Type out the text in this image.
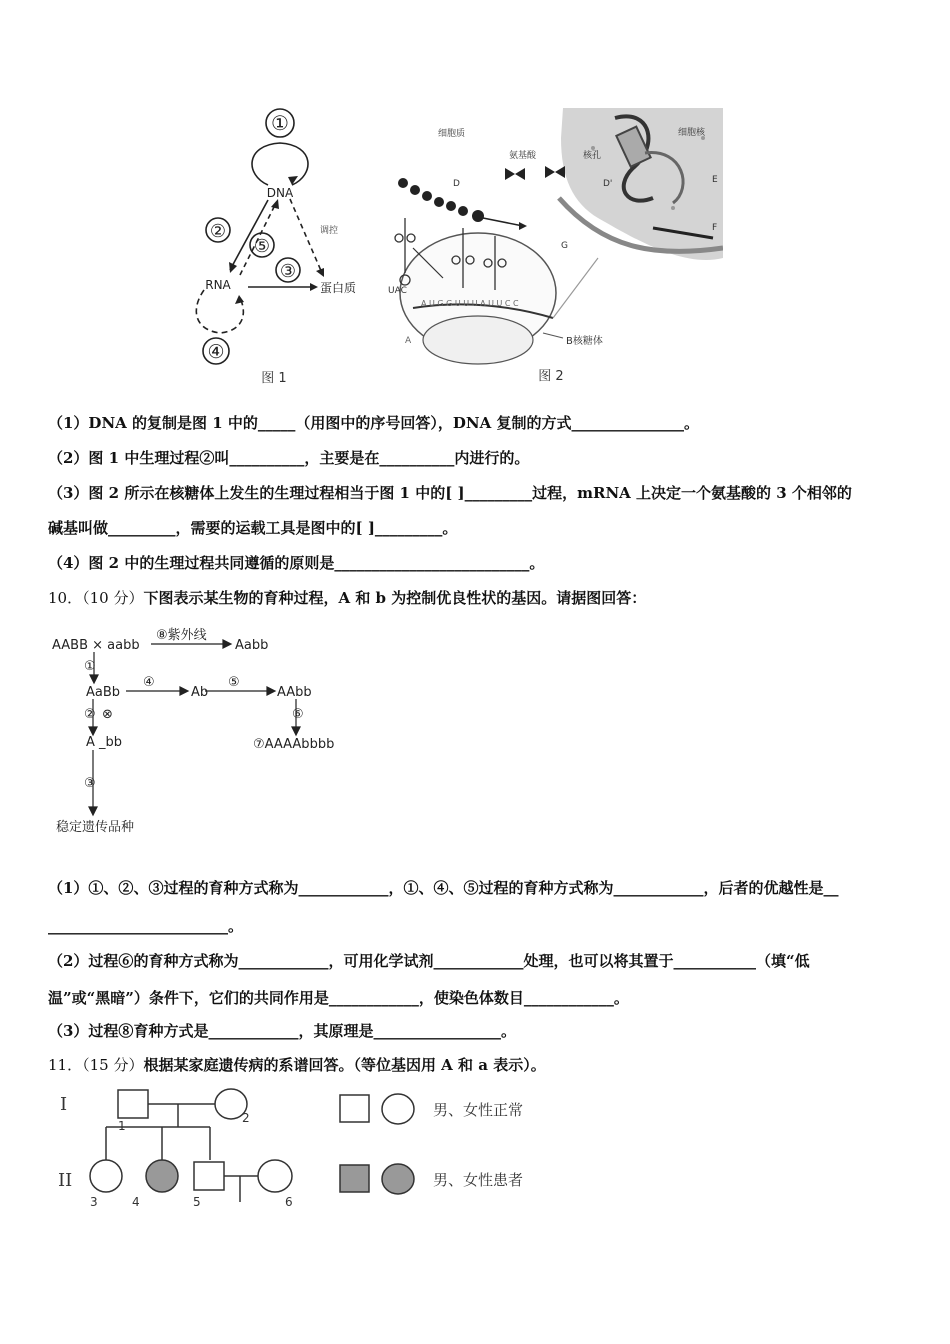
①
DNA
②
⑤
③
调控
RNA	蛋白质
④
图 1
细胞质
氨基酸
细胞核
核孔
D	D'	E
F
G
UAC
A U G G U U U A U U C C
A	B核糖体
图 2
（1）DNA 的复制是图 1 中的_____（用图中的序号回答），DNA 复制的方式_______________。
（2）图 1 中生理过程②叫__________，主要是在__________内进行的。
（3）图 2 所示在核糖体上发生的生理过程相当于图 1 中的[ ]_________过程，mRNA 上决定一个氨基酸的 3 个相邻的
碱基叫做_________，需要的运载工具是图中的[ ]_________。
（4）图 2 中的生理过程共同遵循的原则是__________________________。
10．（10 分）下图表示某生物的育种过程，A 和 b 为控制优良性状的基因。请据图回答：
AABB × aabb
⑧紫外线
Aabb
①
AaBb
④
Ab
⑤
AAbb
② ⊗	⑥
A _bb	⑦AAAAbbbb
③
稳定遗传品种
（1）①、②、③过程的育种方式称为____________，①、④、⑤过程的育种方式称为____________，后者的优越性是__
________________________。
（2）过程⑥的育种方式称为____________，可用化学试剂____________处理，也可以将其置于___________（填“低
温”或“黑暗”）条件下，它们的共同作用是____________，使染色体数目____________。
（3）过程⑧育种方式是____________，其原理是_________________。
11．（15 分）根据某家庭遗传病的系谱回答。（等位基因用 A 和 a 表示）。
I
II
1
2
3	4	5	6
男、女性正常
男、女性患者
